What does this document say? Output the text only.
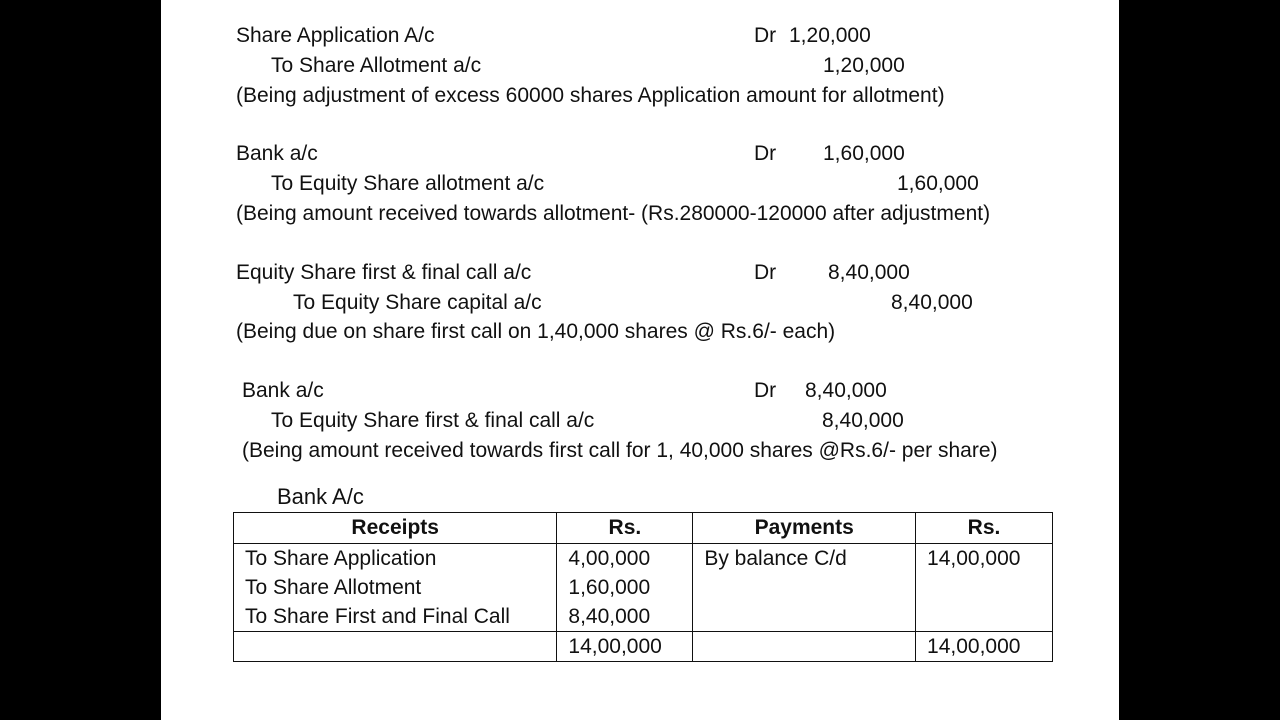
Share Application A/c	Dr 1,20,000
To Share Allotment a/c	1,20,000
(Being adjustment of excess 60000 shares Application amount for allotment)
Bank a/c	Dr 1,60,000
To Equity Share allotment a/c	1,60,000
(Being amount received towards allotment- (Rs.280000-120000 after adjustment)
Equity Share first & final call a/c	Dr 8,40,000
To Equity Share capital a/c	8,40,000
(Being due on share first call on 1,40,000 shares @ Rs.6/- each)
Bank a/c	Dr 8,40,000
To Equity Share first & final call a/c	8,40,000
(Being amount received towards first call for 1, 40,000 shares @Rs.6/- per share)
Bank A/c
Receipts	Rs.	Payments	Rs.
To Share Application	4,00,000	By balance C/d	14,00,000
To Share Allotment	1,60,000		
To Share First and Final Call	8,40,000		
	14,00,000		14,00,000
